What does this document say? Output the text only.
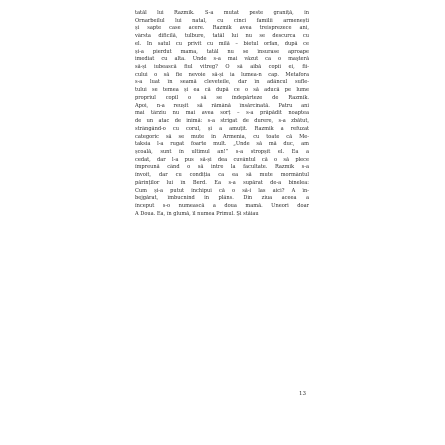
tatăl lui Razmik. S-a mutat peste graniță, în
Ornarbeilul lui natal, cu cinci familii armenești
și sapte case acere. Razmik avea treisprezece ani,
vârsta dificilă, tulbure, tatăl lui nu se descurca cu
el. În satul cu privit cu milă – bietul orfan, după ce
și-a pierdut mama, tatăl nu se însurase aproape
imediat cu alta. Unde s-a mai văzut ca o maşteră
să-și iubească fiul vitreg? O să aibă copii ei, fii-
cului o să fie nevoie să-și ia lumea-n cap. Metafora
s-a luat în seamă cleveteile, dar în adâncul sufle-
tului se temea și ea că după ce o să aducă pe lume
propriul copil o să se îndepărteze de Razmik.
Apoi, n-a reușit să rămână însărcinată. Patru ani
mai târziu nu mai avea sorț – s-a prăpădit noaptea
de un atac de inimă: s-a strigat de durere, s-a zbătut,
strângând-o cu corul, și a amuțit. Razmik a refuzat
categoric să se mute în Armenia, cu toate că Me-
taksia l-a rugat foarte mult. „Unde să mă duc, am
școală, sunt în ultimul an!” s-a stropșit el. Ea a
cedat, dar l-a pus să-și dea cuvântul că o să plece
împreună când o să intre la facultate. Razmik s-a
învoit, dar cu condiția ca ea să mute mormântul
părinților lui în Berd. Ea s-a supărat de-a binelea:
Cum și-a putut închipui că o să-i las aici? A în-
bejgărat, îmbucnind în plâns. Din ziua aceea a
început s-o numească a doua mamă. Uneori doar
A Doua. Ea, în glumă, îl numea Primul. Și stăiau
13
